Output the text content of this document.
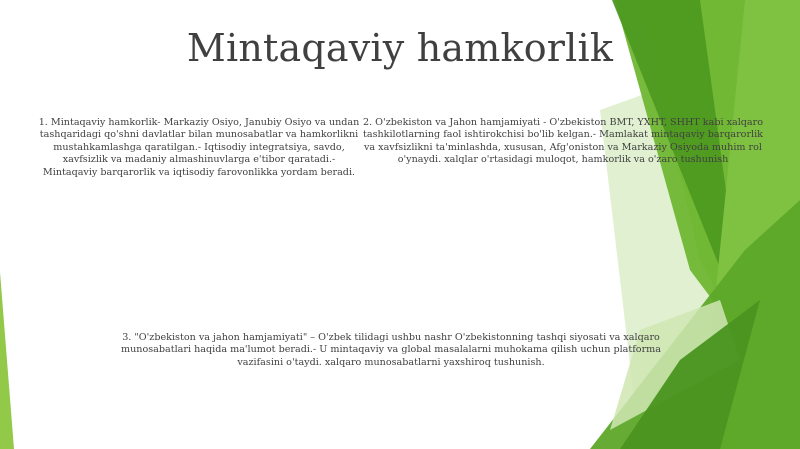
Mintaqaviy hamkorlik
1. Mintaqaviy hamkorlik- Markaziy Osiyo, Janubiy Osiyo va undan tashqaridagi qo'shni davlatlar bilan munosabatlar va hamkorlikni mustahkamlashga qaratilgan.- Iqtisodiy integratsiya, savdo, xavfsizlik va madaniy almashinuvlarga e'tibor qaratadi.- Mintaqaviy barqarorlik va iqtisodiy farovonlikka yordam beradi.
2. O'zbekiston va Jahon hamjamiyati - O'zbekiston BMT, YXHT, SHHT kabi xalqaro tashkilotlarning faol ishtirokchisi bo'lib kelgan.- Mamlakat mintaqaviy barqarorlik va xavfsizlikni ta'minlashda, xususan, Afg'oniston va Markaziy Osiyoda muhim rol o'ynaydi. xalqlar o'rtasidagi muloqot, hamkorlik va o'zaro tushunish
3. "O'zbekiston va jahon hamjamiyati" – O'zbek tilidagi ushbu nashr O'zbekistonning tashqi siyosati va xalqaro munosabatlari haqida ma'lumot beradi.- U mintaqaviy va global masalalarni muhokama qilish uchun platforma vazifasini o'taydi. xalqaro munosabatlarni yaxshiroq tushunish.
